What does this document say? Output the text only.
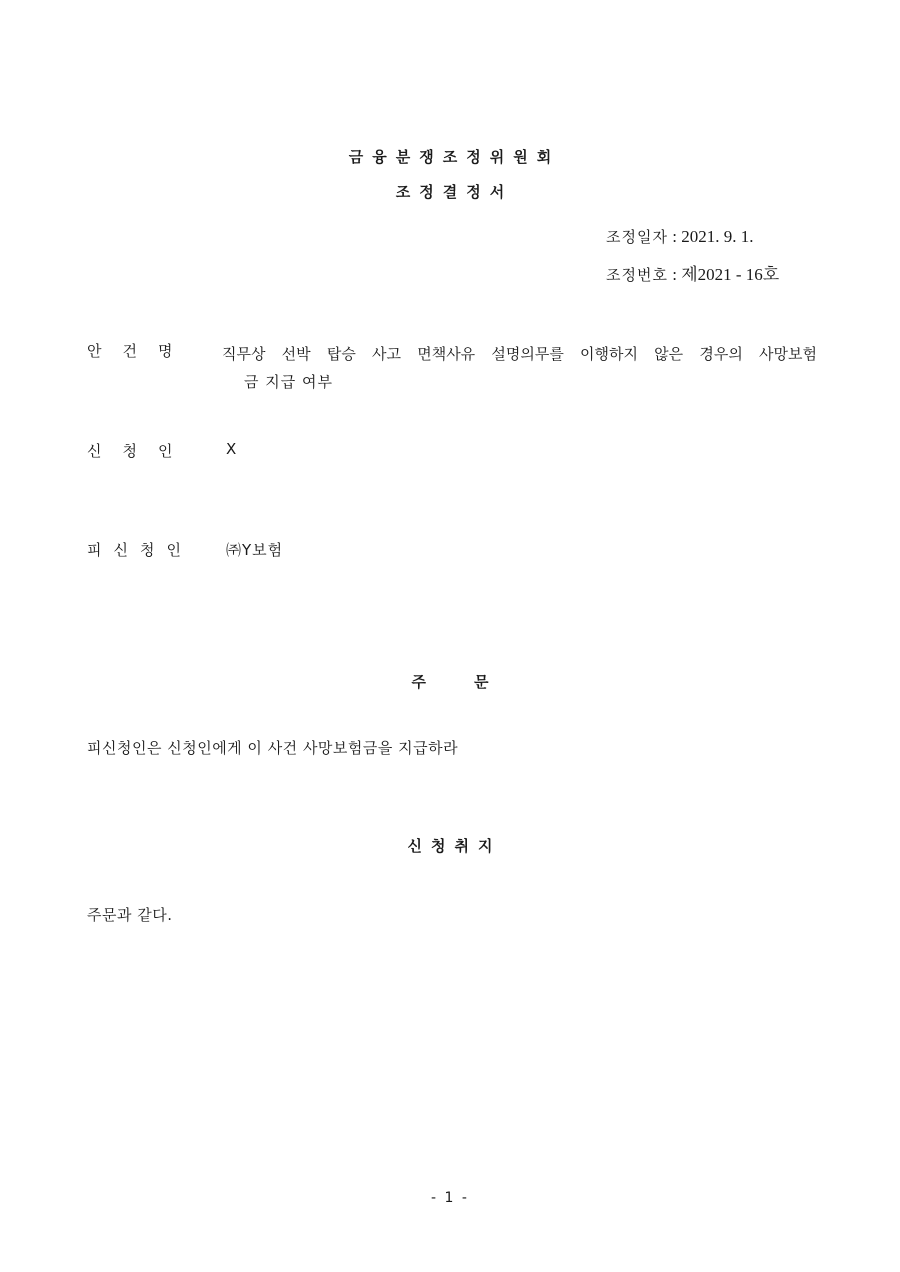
금융분쟁조정위원회
조정결정서
조정일자 : 2021. 9. 1.
조정번호 : 제2021 - 16호
안건명 직무상 선박 탑승 사고 면책사유 설명의무를 이행하지 않은 경우의 사망보험
금 지급 여부
신청인 X
피신청인 ㈜Y보험
주문
피신청인은 신청인에게 이 사건 사망보험금을 지급하라
신청취지
주문과 같다.
- 1 -
